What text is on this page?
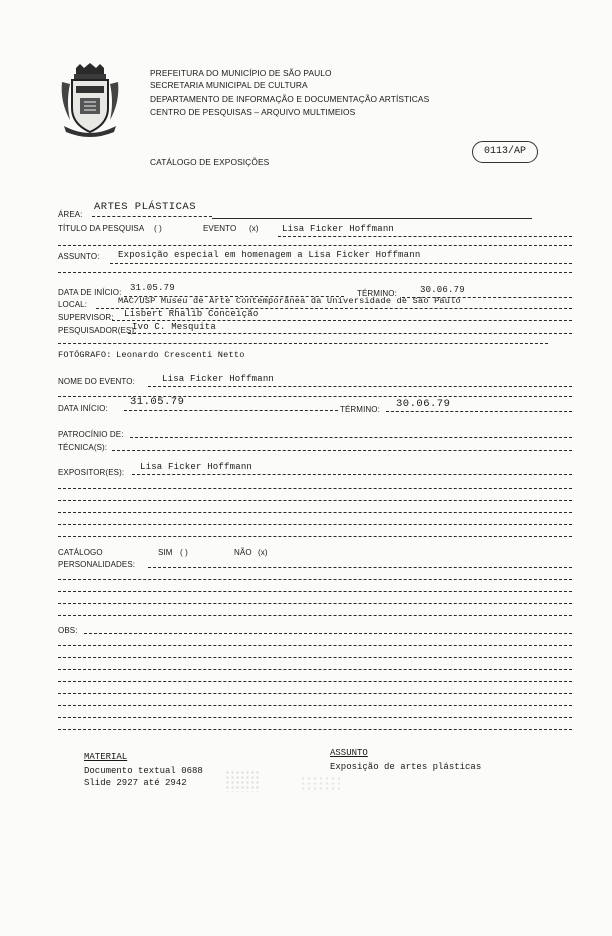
PREFEITURA DO MUNICÍPIO DE SÃO PAULO
SECRETARIA MUNICIPAL DE CULTURA
DEPARTAMENTO DE INFORMAÇÃO E DOCUMENTAÇÃO ARTÍSTICAS
CENTRO DE PESQUISAS – ARQUIVO MULTIMEIOS
0113/AP
CATÁLOGO DE EXPOSIÇÕES
ÁREA:
ARTES PLÁSTICAS
TÍTULO DA PESQUISA ( )	EVENTO (x)	Lisa Ficker Hoffmann
ASSUNTO: Exposição especial em homenagem a Lisa Ficker Hoffmann
DATA DE INÍCIO: 31.05.79
TÉRMINO:	30.06.79
LOCAL:	MAC/USP Museu de Arte Contemporânea da Universidade de São Paulo
SUPERVISOR: Lisbert Rhalib Conceição
PESQUISADOR(ES):
Ivo C. Mesquita
FOTÓGRAFO: Leonardo Crescenti Netto
NOME DO EVENTO:	Lisa Ficker Hoffmann
DATA INÍCIO:
31.05.79
TÉRMINO: 30.06.79
PATROCÍNIO DE:
TÉCNICA(S):
EXPOSITOR(ES):
Lisa Ficker Hoffmann
CATÁLOGO	SIM ( )	NÃO (x)
PERSONALIDADES:
OBS:
MATERIAL
Documento textual 0688
Slide 2927 até 2942
ASSUNTO
Exposição de artes plásticas
